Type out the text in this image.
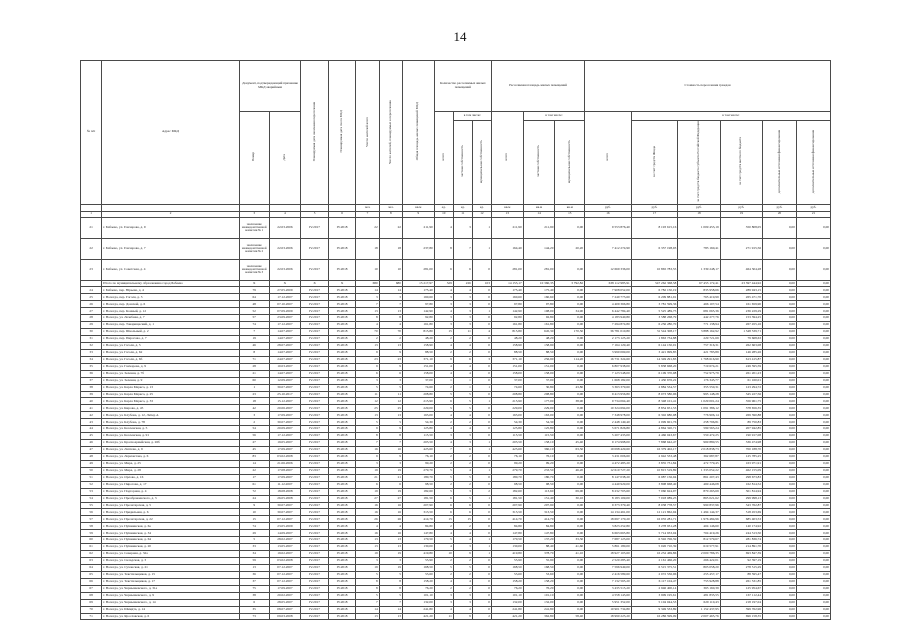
14
№ п/п	Адрес МКД	Документ, подтверждающий признание МКД аварийным		Планируемая дата окончания переселения	Планируемая дата сноса МКД	Число жителей всего	Число жителей, планируемых к переселению	Общая площадь жилых помещений МКД	Количество расселяемых жилых помещений			Расселяемая площадь жилых помещений			Стоимость переселения граждан					
		Номер	Дата						всего	в том числе:		всего	в том числе:		всего	в том числе:				
										частная собственность	муниципальная собственность		частная собственность	муниципальная собственность		за счет средств Фонда	за счет средств бюджета субъекта Российской Федерации	за счет средств местного бюджета	дополнительные источники финансирования	дополнительные источники финансирования
						чел.	чел.	кв.м	ед.	ед.	ед.	кв.м	кв.м	кв.м	руб.	руб.	руб.	руб.	руб.	руб.
1	2	3	4	5	6	7	8	9	10	11	12	13	14	15	16	17	18	19	20	21
21	г. Бабаево, ул. Гончарова, д. 9	заключение межведомственной комиссии № 1	22.03.2006	IV.2017	IV.2018	22	22	211,90	4	3	1	211,90	211,90	0,00	9 553 876,40	8 193 615,16	1 009 453,19	350 808,05	0,00	0,00
22	г. Бабаево, ул. Гончарова, д. 7	заключение межведомственной комиссии № 2	22.03.2006	IV.2017	IV.2018	18	18	237,80	8	7	1	164,40	144,20	20,20	7 412 274,90	6 357 198,93	783 160,41	271 915,56	0,00	0,00
23	г. Бабаево, ул. Советская, д. 4	заключение межведомственной комиссии № 3	22.03.2006	IV.2017	IV.2018	10	10	281,00	6	6	0	281,00	281,00	0,00	12 669 336,00	10 865 783,55	1 339 248,17	464 304,28	0,00	0,00
	Итого по муниципальному образованию город Бабаево	Х	Х	Х	Х	680	680	15 217,97	329	226	103	14 153,17	10 360,35	3 792,82	638 112 985,91	547 262 368,58	67 453 172,41	23 397 444,92	0,00	0,00
24	г. Бабаево, пер. Юрьева, д. 4	79	27.05.2009	IV.2017	IV.2018	14	14	175,40	4	4	0	175,40	175,40	0,00	7 908 052,00	6 782 150,19	835 958,66	289 943,15	0,00	0,00
25	г. Вологда, пер. Гоголя, д. 3	64	17.12.2007	IV.2017	IV.2018	3	3	160,60	3	3	0	160,60	160,60	0,00	7 240 773,60	6 209 881,91	765 419,99	265 471,70	0,00	0,00
26	г. Вологда, пер. Донской, д. 6	48	07.10.2007	IV.2017	IV.2018	7	7	97,80	3	3	0	97,80	97,80	0,00	4 409 366,80	3 781 599,36	466 107,54	161 659,90	0,00	0,00
27	г. Вологда, пер. Конный, д. 12	52	07.09.2009	IV.2017	IV.2018	13	13	142,90	4	3	1	142,90	108,00	34,90	6 442 784,40	5 525 489,75	681 065,36	236 229,29	0,00	0,00
28	г. Вологда, ул. Лечебная, д. 7	57	23.09.2007	IV.2017	IV.2018	8	8	92,80	3	3	0	92,80	92,80	0,00	4 183 940,80	3 588 268,79	442 277,76	153 394,25	0,00	0,00
29	г. Вологда, пер. Товарищеский, д. 1	74	17.12.2007	IV.2017	IV.2018	4	4	161,80	3	3	0	161,80	161,80	0,00	7 294 874,80	6 256 280,70	771 138,94	267 455,16	0,00	0,00
30	г. Вологда, пер. Школьный, д. 2	7	14.07.2007	IV.2017	IV.2018	70	70	815,80	15	11	4	815,80	645,30	170,50	36 781 010,80	31 544 308,17	3 888 162,92	1 348 539,71	0,00	0,00
31	г. Вологда, пер. Пирогова, д. 7	19	14.07.2007	IV.2017	IV.2018	2	2	48,20	2	2	0	48,20	48,20	0,00	2 173 125,20	1 863 734,88	229 721,69	79 668,63	0,00	0,00
32	г. Вологда, ул. Гоголя, д. 5	46	28.07.2007	IV.2017	IV.2018	13	13	158,90	4	4	0	158,90	158,90	0,00	7 164 129,40	6 144 150,01	757 316,31	262 663,08	0,00	0,00
33	г. Вологда, ул. Гоголя, д. 62	8	14.07.2007	IV.2017	IV.2018	9	9	88,50	2	2	0	88,50	88,50	0,00	3 990 069,00	3 421 999,85	421 783,89	146 285,26	0,00	0,00
34	г. Вологда, ул. Гоголя, д. 6б	71	24.07.2007	IV.2017	IV.2018	23	23	371,10	9	6	3	371,10	256,90	114,20	16 731 324,60	14 349 291,83	1 768 616,90	613 415,87	0,00	0,00
35	г. Вологда, ул. Гончарова, д. 9	28	10.03.2007	IV.2017	IV.2018	9	9	151,00	4	4	0	151,00	151,00	0,00	6 807 938,00	5 838 668,20	719 674,21	249 595,59	0,00	0,00
36	г. Вологда, ул. Зеленая, д. 7б	21	14.07.2007	IV.2017	IV.2018	6	6	158,00	4	4	0	158,00	158,00	0,00	7 123 548,00	6 109 370,98	752 975,79	261 201,23	0,00	0,00
37	г. Вологда, ул. Зеленая, д. 9	60	12.09.2007	IV.2017	IV.2018	3	3	37,00	1	1	0	37,00	37,00	0,00	1 668 182,00	1 430 676,22	176 345,77	61 160,01	0,00	0,00
38	г. Вологда, ул. Карла Маркса, д. 13	1	30.07.2007	IV.2017	IV.2018	5	5	74,60	2	1	1	74,60	30,80	43,80	3 363 379,60	2 884 534,57	355 550,31	123 294,72	0,00	0,00
39	г. Вологда, ул. Карла Маркса, д. 25	23	25.10.2017	IV.2017	IV.2018	11	11	208,80	5	5	0	208,80	208,80	0,00	9 413 956,80	8 073 580,96	995 148,28	345 227,56	0,00	0,00
40	г. Вологда, ул. Карла Маркса, д. 33	18	15.12.2007	IV.2017	IV.2018	12	12	215,90	6	5	1	215,90	177,00	38,90	9 734 064,40	8 348 101,41	1 029 001,24	356 961,75	0,00	0,00
41	г. Вологда, ул. Кирова, д. 45	42	20.06.2007	IV.2017	IV.2018	25	25	229,00	5	5	0	229,00	229,00	0,00	10 324 694,00	8 854 651,53	1 091 386,12	378 656,35	0,00	0,00
42	г. Вологда, ул. Клубова, д. 12, Литер А	3	17.09.2007	IV.2017	IV.2018	13	13	163,00	4	4	0	163,00	163,00	0,00	7 348 978,00	6 302 680,98	776 906,14	269 390,88	0,00	0,00
43	г. Вологда, ул. Клубова, д. 78	2	30.07.2007	IV.2017	IV.2018	5	5	54,30	2	2	0	54,30	54,30	0,00	2 448 149,40	2 099 601,76	258 796,81	89 750,83	0,00	0,00
44	г. Вологда, ул. Козленская, д. 5	54	20.09.2007	IV.2017	IV.2018	9	9	125,80	4	4	0	125,80	125,80	0,00	5 671 826,80	4 864 320,71	599 563,24	207 942,85	0,00	0,00
45	г. Вологда, ул. Козленская, д. 91	56	17.12.2007	IV.2017	IV.2018	8	8	115,50	3	3	0	115,50	115,50	0,00	5 207 433,00	4 466 043,67	550 472,25	190 917,08	0,00	0,00
46	г. Вологда, ул. Красноармейская, д. 26б	27	19.05.2007	IV.2017	IV.2018	7	7	203,50	4	3	1	203,50	158,10	45,40	9 174 998,00	7 868 642,47	969 880,55	336 474,98	0,00	0,00
47	г. Вологда, ул. Лаптева, д. 9	45	17.09.2007	IV.2017	IV.2018	16	16	423,60	7	6	1	423,60	360,10	63,50	19 098 429,60	16 379 402,17	2 018 838,73	700 188,70	0,00	0,00
48	г. Вологда, ул. Лермонтова, д. 6	83	03.02.2008	IV.2017	IV.2018	9	9	76,10	2	2	0	76,10	76,10	0,00	3 431 006,60	2 942 533,48	362 687,87	125 785,25	0,00	0,00
49	г. Вологда, ул. Мира, д. 25	14	21.06.2006	IV.2017	IV.2018	3	3	99,20	2	2	0	99,20	99,20	0,00	4 472 483,20	3 835 731,84	472 779,45	163 971,91	0,00	0,00
50	г. Вологда, ул. Мира, д. 28	22	17.08.2007	IV.2017	IV.2018	19	19	279,70	5	4	1	279,70	233,50	46,20	12 610 727,20	10 815 519,89	1 333 052,22	462 155,09	0,00	0,00
51	г. Вологда, ул. Орлова, д. 16	17	17.09.2007	IV.2017	IV.2018	21	21	180,70	5	5	0	180,70	180,70	0,00	8 147 038,20	6 987 156,94	861 207,43	298 673,83	0,00	0,00
52	г. Вологда, ул. Пирогова, д. 17	61	11.12.2007	IV.2017	IV.2018	6	6	98,50	2	2	0	98,50	98,50	0,00	4 440 929,00	3 808 668,40	469 446,08	162 814,52	0,00	0,00
53	г. Вологда, ул. Подгорная, д. 4	72	18.08.2008	IV.2017	IV.2018	19	19	182,60	5	3	2	182,60	113,60	69,00	8 232 703,60	7 060 624,97	870 263,69	301 814,94	0,00	0,00
54	г. Вологда, ул. Преображенского, д. 3	24	26.05.2008	IV.2017	IV.2018	27	27	181,50	6	5	1	181,50	151,40	30,10	8 183 109,00	7 018 089,25	865 021,62	299 998,13	0,00	0,00
55	г. Вологда, ул. Пролетарская, д. 5	9	30.07.2007	IV.2017	IV.2018	16	16	207,90	6	6	0	207,90	207,90	0,00	9 373 379,40	8 038 778,57	990 837,96	343 762,87	0,00	0,00
56	г. Вологда, ул. Прядильная, д. 6	10	30.07.2007	IV.2017	IV.2018	16	16	313,50	6	6	0	313,50	313,50	0,00	14 134 461,00	12 121 862,94	1 494 144,37	518 453,69	0,00	0,00
57	г. Вологда, ул. Пролетарская, д. 22	15	07.12.2007	IV.2017	IV.2018	26	26	414,70	15	15	0	414,70	414,70	0,00	18 697 170,20	16 035 281,71	1 976 484,96	685 403,53	0,00	0,00
58	г. Вологда, ул. Пушкинская, д. 6а	74	23.05.2009	IV.2017	IV.2018	4	4	84,80	2	2	0	84,80	84,80	0,00	3 823 252,80	3 278 931,28	404 146,60	140 174,92	0,00	0,00
59	г. Вологда, ул. Пушкинская, д. 34	29	14.09.2007	IV.2017	IV.2018	16	16	147,80	4	4	0	147,80	147,80	0,00	6 663 665,80	5 714 933,04	704 419,26	244 313,50	0,00	0,00
60	г. Вологда, ул. Пушкинская, д. 64	5	28.02.2007	IV.2017	IV.2018	13	13	170,50	5	4	1	170,50	137,20	33,30	7 687 123,00	6 592 706,59	812 579,67	281 836,74	0,00	0,00
61	г. Вологда, ул. Пушкинская, д. 20	33	13.05.2007	IV.2017	IV.2018	13	13	130,00	4	3	1	130,00	88,40	41,60	5 861 180,00	5 026 710,39	619 577,91	214 891,70	0,00	0,00
62	г. Вологда, ул. Северная, д. 32а	34	19.02.2007	IV.2017	IV.2018	19	19	419,80	10	9	1	419,80	378,70	41,10	18 927 103,60	16 232 469,86	2 000 786,35	693 847,39	0,00	0,00
63	г. Вологда, ул. Складская, д. 3	59	03.02.2008	IV.2017	IV.2018	3	3	55,90	2	2	0	55,90	55,90	0,00	2 520 285,40	2 161 466,20	266 422,01	92 397,19	0,00	0,00
64	г. Вологда, ул. Сухонская, д. 21	13	07.12.2007	IV.2017	IV.2018	19	19	168,50	5	5	0	168,50	168,50	0,00	7 596 949,00	6 515 375,51	803 058,20	278 515,29	0,00	0,00
65	г. Вологда, ул. Текстильщиков, д. 15	36	07.12.2007	IV.2017	IV.2018	5	5	53,60	2	2	0	53,60	53,60	0,00	2 416 589,60	2 072 536,96	255 457,17	88 595,47	0,00	0,00
66	г. Вологда, ул. Текстильщиков, д. 17	37	07.12.2007	IV.2017	IV.2018	8	8	158,20	4	4	0	158,20	158,20	0,00	7 132 565,20	6 117 104,47	753 928,88	261 531,85	0,00	0,00
67	г. Вологда, ул. Чернышевского, д. 31а	75	17.09.2007	IV.2017	IV.2018	8	8	76,20	2	2	0	76,20	76,20	0,00	3 435 515,20	2 946 400,14	363 160,39	125 954,67	0,00	0,00
68	г. Вологда, ул. Чернышевского, д. 9	38	20.02.2007	IV.2017	IV.2018	5	5	101,10	3	3	0	101,10	101,10	0,00	4 558 143,60	3 909 195,61	481 835,55	167 112,44	0,00	0,00
69	г. Вологда, ул. Чернышевского, д. 14	6	28.05.2007	IV.2017	IV.2018	7	7	132,00	3	3	0	132,00	132,00	0,00	5 951 352,00	5 104 044,53	629 110,43	218 197,04	0,00	0,00
70	г. Вологда, ул. Шмидта, д. 14	35	08.07.2007	IV.2017	IV.2018	14	14	241,80	4	4	0	241,80	241,80	0,00	10 901 734,80	9 349 533,89	1 152 437,95	399 762,96	0,00	0,00
71	г. Вологда, ул. Ярославская, д. 6	73	09.03.2008	IV.2017	IV.2018	13	13	421,20	11	9	2	421,20	362,80	58,40	18 990 223,20	16 286 599,09	2 007 465,76	696 158,35	0,00	0,00
